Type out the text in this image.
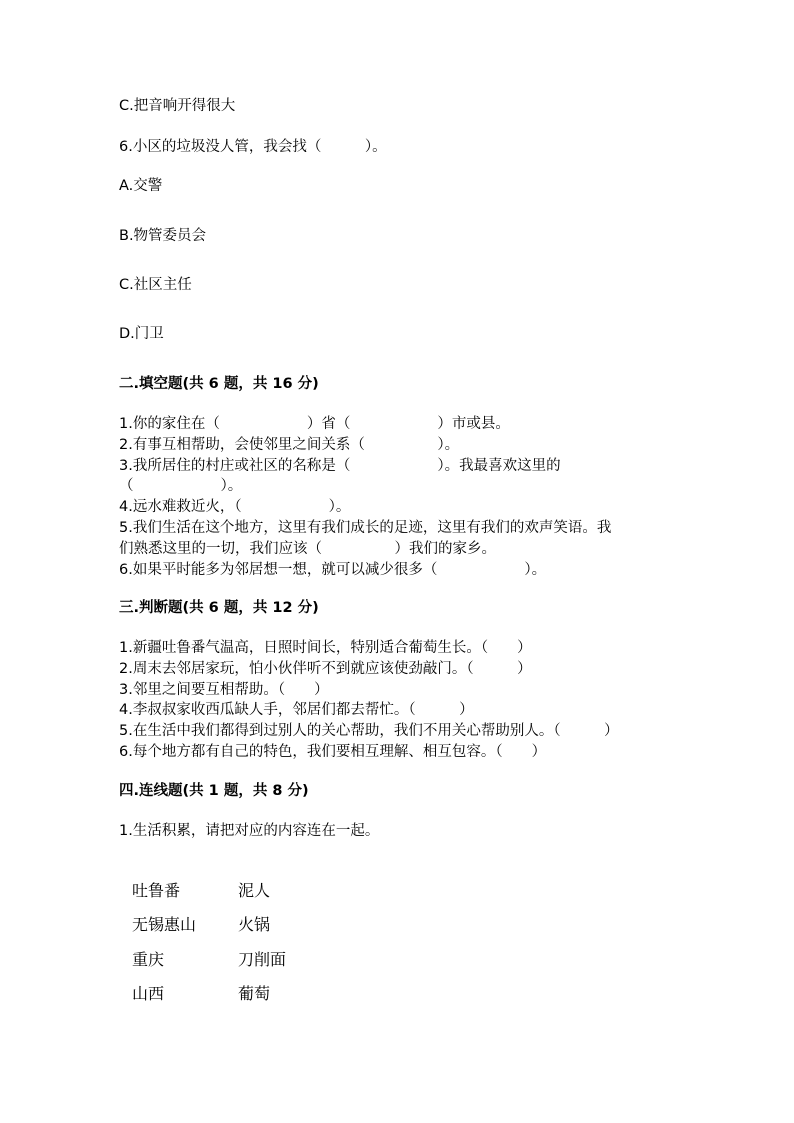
C.把音响开得很大
6.小区的垃圾没人管，我会找（　　　）。
A.交警
B.物管委员会
C.社区主任
D.门卫
二.填空题(共 6 题，共 16 分)
1.你的家住在（　　　　　　）省（　　　　　　）市或县。
2.有事互相帮助，会使邻里之间关系（　　　　　）。
3.我所居住的村庄或社区的名称是（　　　　　　）。我最喜欢这里的
（　　　　　　）。
4.远水难救近火，（　　　　　　）。
5.我们生活在这个地方，这里有我们成长的足迹，这里有我们的欢声笑语。我
们熟悉这里的一切，我们应该（　　　　　）我们的家乡。
6.如果平时能多为邻居想一想，就可以减少很多（　　　　　　）。
三.判断题(共 6 题，共 12 分)
1.新疆吐鲁番气温高，日照时间长，特别适合葡萄生长。（　　）
2.周末去邻居家玩，怕小伙伴听不到就应该使劲敲门。（　　　）
3.邻里之间要互相帮助。（　　）
4.李叔叔家收西瓜缺人手，邻居们都去帮忙。（　　　）
5.在生活中我们都得到过别人的关心帮助，我们不用关心帮助别人。（　　　）
6.每个地方都有自己的特色，我们要相互理解、相互包容。（　　）
四.连线题(共 1 题，共 8 分)
1.生活积累，请把对应的内容连在一起。
吐鲁番	泥人
无锡惠山	火锅
重庆	刀削面
山西	葡萄
